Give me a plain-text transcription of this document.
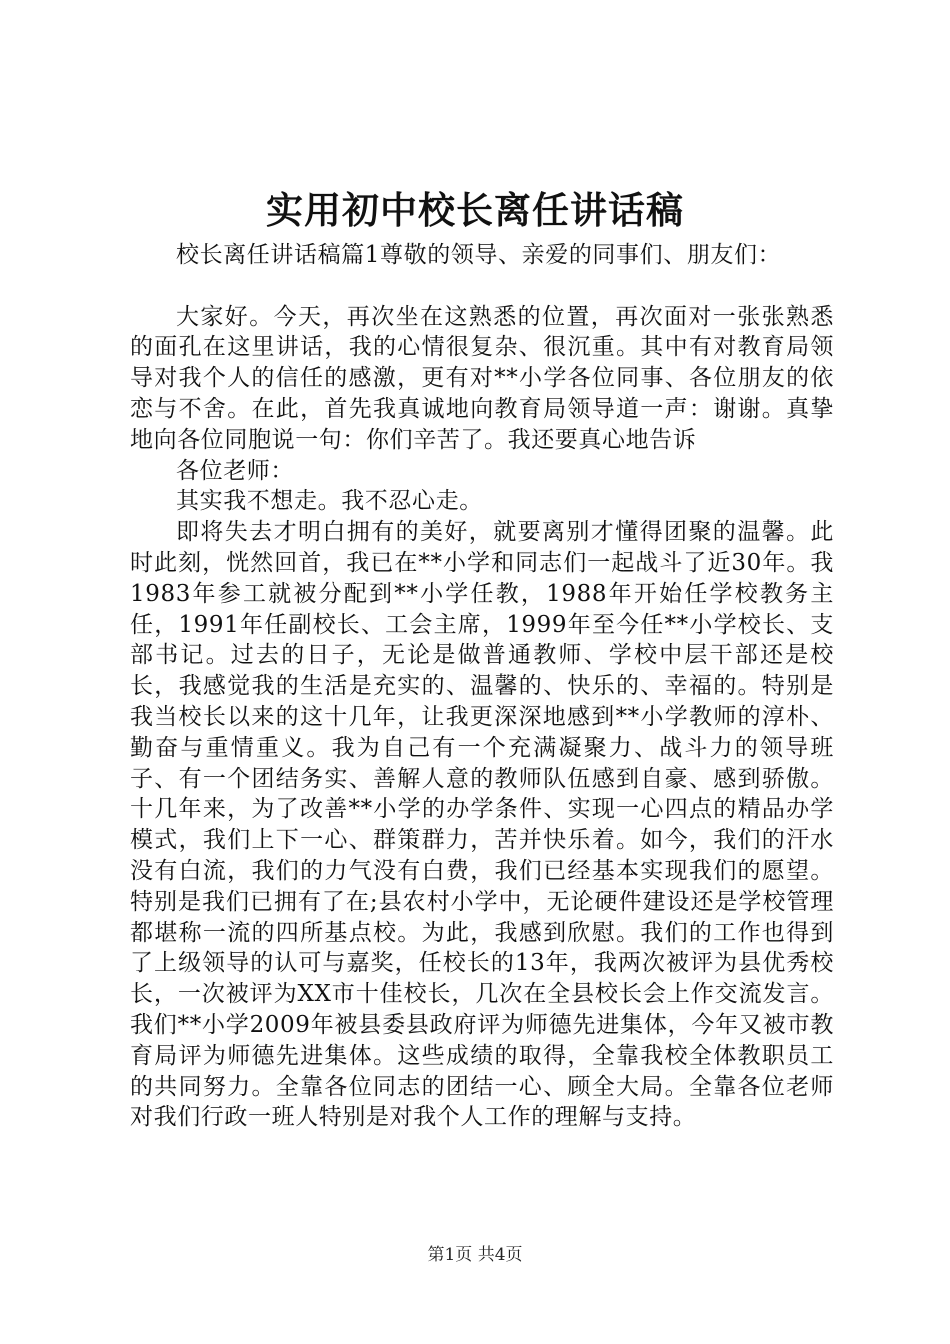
实用初中校长离任讲话稿

校长离任讲话稿篇1尊敬的领导、亲爱的同事们、朋友们：

大家好。今天，再次坐在这熟悉的位置，再次面对一张张熟悉的面孔在这里讲话，我的心情很复杂、很沉重。其中有对教育局领导对我个人的信任的感激，更有对**小学各位同事、各位朋友的依恋与不舍。在此，首先我真诚地向教育局领导道一声：谢谢。真挚地向各位同胞说一句：你们辛苦了。我还要真心地告诉

各位老师：

其实我不想走。我不忍心走。

即将失去才明白拥有的美好，就要离别才懂得团聚的温馨。此时此刻，恍然回首，我已在**小学和同志们一起战斗了近30年。我1983年参工就被分配到**小学任教，1988年开始任学校教务主任，1991年任副校长、工会主席，1999年至今任**小学校长、支部书记。过去的日子，无论是做普通教师、学校中层干部还是校长，我感觉我的生活是充实的、温馨的、快乐的、幸福的。特别是我当校长以来的这十几年，让我更深深地感到**小学教师的淳朴、勤奋与重情重义。我为自己有一个充满凝聚力、战斗力的领导班子、有一个团结务实、善解人意的教师队伍感到自豪、感到骄傲。十几年来，为了改善**小学的办学条件、实现一心四点的精品办学模式，我们上下一心、群策群力，苦并快乐着。如今，我们的汗水没有白流，我们的力气没有白费，我们已经基本实现我们的愿望。特别是我们已拥有了在;县农村小学中，无论硬件建设还是学校管理都堪称一流的四所基点校。为此，我感到欣慰。我们的工作也得到了上级领导的认可与嘉奖，任校长的13年，我两次被评为县优秀校长，一次被评为XX市十佳校长，几次在全县校长会上作交流发言。我们**小学2009年被县委县政府评为师德先进集体，今年又被市教育局评为师德先进集体。这些成绩的取得，全靠我校全体教职员工的共同努力。全靠各位同志的团结一心、顾全大局。全靠各位老师对我们行政一班人特别是对我个人工作的理解与支持。

第1页 共4页
